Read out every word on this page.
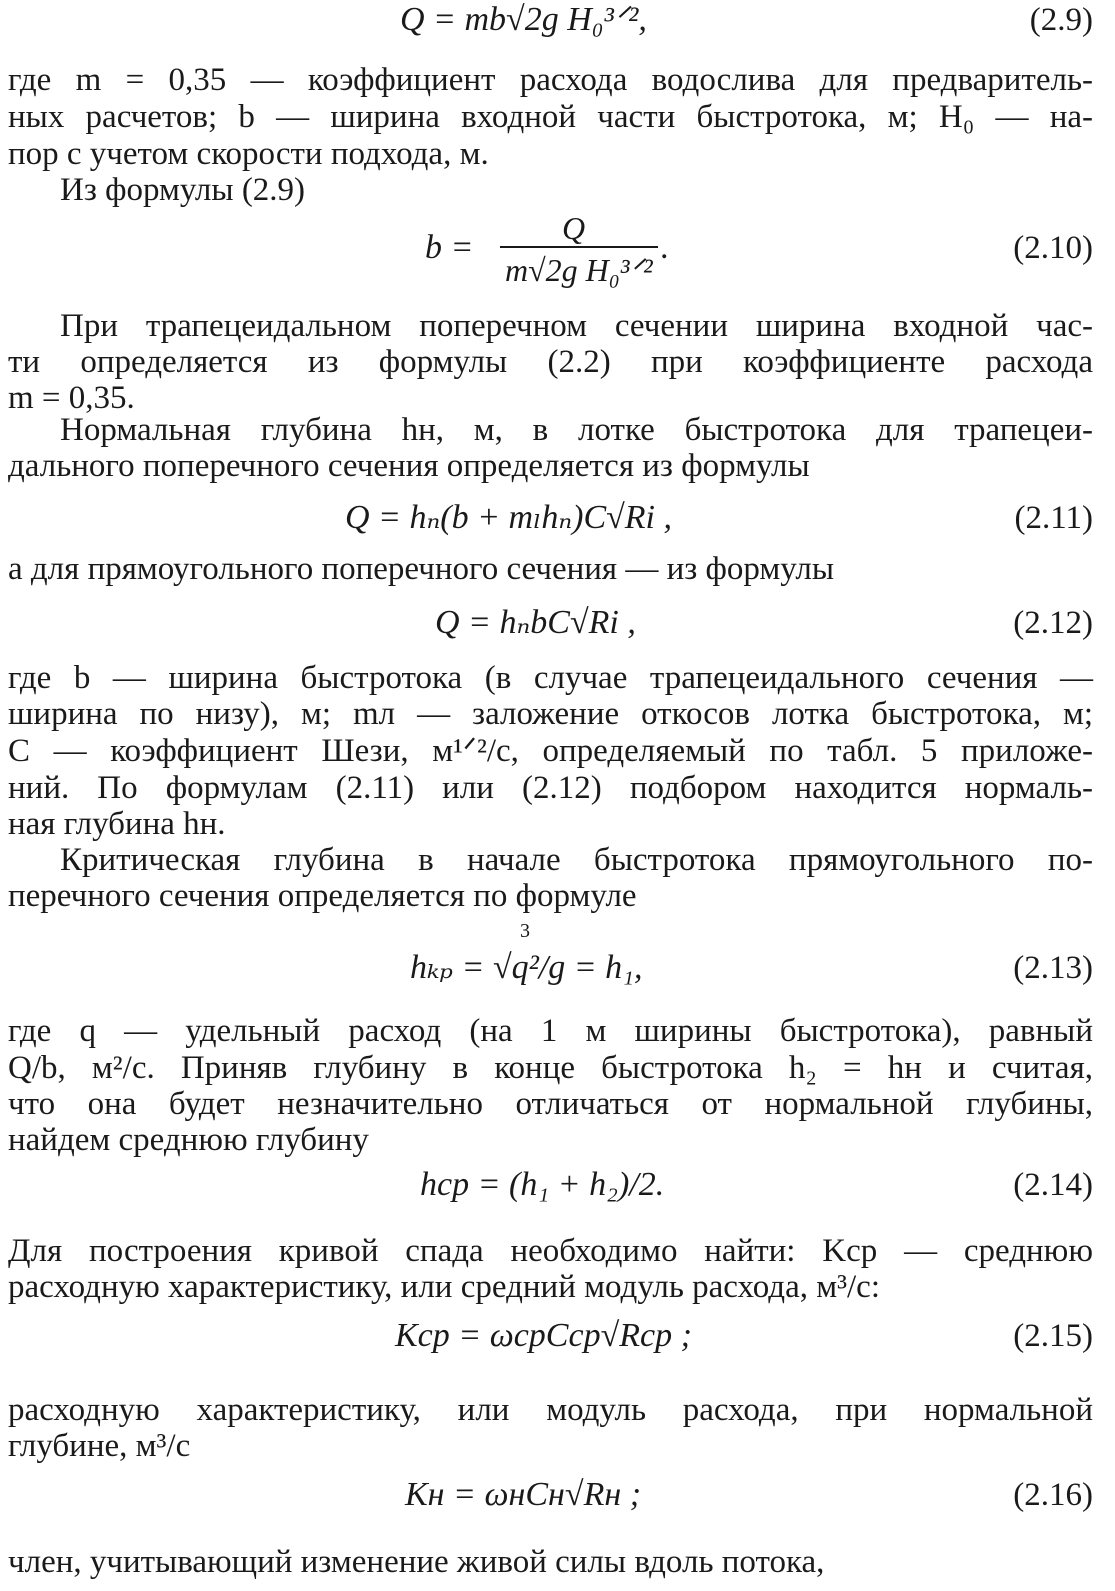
Q = mb√2g H₀³ᐟ²,	(2.9)
где m = 0,35 — коэффициент расхода водослива для предваритель-
ных расчетов; b — ширина входной части быстротока, м; H₀ — на-
пор с учетом скорости подхода, м.
Из формулы (2.9)
b =
Q
m√2g H₀³ᐟ²
.	(2.10)
При трапецеидальном поперечном сечении ширина входной час-
ти определяется из формулы (2.2) при коэффициенте расхода
m = 0,35.
Нормальная глубина hн, м, в лотке быстротока для трапецеи-
дального поперечного сечения определяется из формулы
Q = hₙ(b + mₗhₙ)C√Ri ,	(2.11)
а для прямоугольного поперечного сечения — из формулы
Q = hₙbC√Ri ,	(2.12)
где b — ширина быстротока (в случае трапецеидального сечения —
ширина по низу), м; mл — заложение откосов лотка быстротока, м;
C — коэффициент Шези, м¹ᐟ²/с, определяемый по табл. 5 приложе-
ний. По формулам (2.11) или (2.12) подбором находится нормаль-
ная глубина hн.
Критическая глубина в начале быстротока прямоугольного по-
перечного сечения определяется по формуле
3
hₖₚ = √q²/g = h₁,	(2.13)
где q — удельный расход (на 1 м ширины быстротока), равный
Q/b, м²/с. Приняв глубину в конце быстротока h₂ = hн и считая,
что она будет незначительно отличаться от нормальной глубины,
найдем среднюю глубину
hсp = (h₁ + h₂)/2.	(2.14)
Для построения кривой спада необходимо найти: Kср — среднюю
расходную характеристику, или средний модуль расхода, м³/с:
Kсp = ωсpCсp√Rсp ;	(2.15)
расходную характеристику, или модуль расхода, при нормальной
глубине, м³/с
Kн = ωнCн√Rн ;	(2.16)
член, учитывающий изменение живой силы вдоль потока,
